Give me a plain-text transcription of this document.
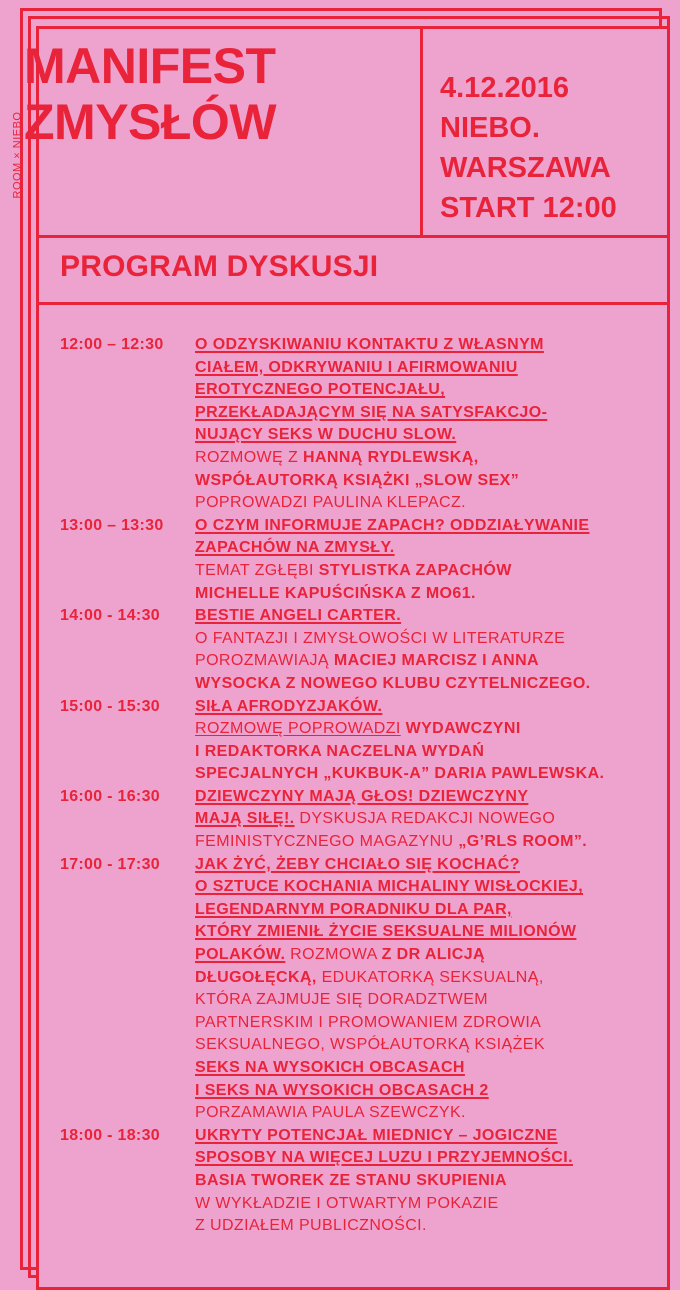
ROOM × NIEBO
MANIFEST
ZMYSŁÓW
4.12.2016
NIEBO.
WARSZAWA
START 12:00
PROGRAM DYSKUSJI
12:00 – 12:30	O ODZYSKIWANIU KONTAKTU Z WŁASNYM
CIAŁEM, ODKRYWANIU I AFIRMOWANIU
EROTYCZNEGO POTENCJAŁU,
PRZEKŁADAJĄCYM SIĘ NA SATYSFAKCJO-
NUJĄCY SEKS W DUCHU SLOW.
ROZMOWĘ Z HANNĄ RYDLEWSKĄ,
WSPÓŁAUTORKĄ KSIĄŻKI „SLOW SEX”
POPROWADZI PAULINA KLEPACZ.
13:00 – 13:30	O CZYM INFORMUJE ZAPACH? ODDZIAŁYWANIE
ZAPACHÓW NA ZMYSŁY.
TEMAT ZGŁĘBI STYLISTKA ZAPACHÓW
MICHELLE KAPUŚCIŃSKA Z MO61.
14:00 - 14:30	BESTIE ANGELI CARTER.
O FANTAZJI I ZMYSŁOWOŚCI W LITERATURZE
POROZMAWIAJĄ MACIEJ MARCISZ I ANNA
WYSOCKA Z NOWEGO KLUBU CZYTELNICZEGO.
15:00 - 15:30	SIŁA AFRODYZJAKÓW.
ROZMOWĘ POPROWADZI WYDAWCZYNI
I REDAKTORKA NACZELNA WYDAŃ
SPECJALNYCH „KUKBUK-A” DARIA PAWLEWSKA.
16:00 - 16:30	DZIEWCZYNY MAJĄ GŁOS! DZIEWCZYNY
MAJĄ SIŁĘ!. DYSKUSJA REDAKCJI NOWEGO
FEMINISTYCZNEGO MAGAZYNU „G’RLS ROOM”.
17:00 - 17:30	JAK ŻYĆ, ŻEBY CHCIAŁO SIĘ KOCHAĆ?
O SZTUCE KOCHANIA MICHALINY WISŁOCKIEJ,
LEGENDARNYM PORADNIKU DLA PAR,
KTÓRY ZMIENIŁ ŻYCIE SEKSUALNE MILIONÓW
POLAKÓW. ROZMOWA Z DR ALICJĄ
DŁUGOŁĘCKĄ, EDUKATORKĄ SEKSUALNĄ,
KTÓRA ZAJMUJE SIĘ DORADZTWEM
PARTNERSKIM I PROMOWANIEM ZDROWIA
SEKSUALNEGO, WSPÓŁAUTORKĄ KSIĄŻEK
SEKS NA WYSOKICH OBCASACH
I SEKS NA WYSOKICH OBCASACH 2
PORZAMAWIA PAULA SZEWCZYK.
18:00 - 18:30	UKRYTY POTENCJAŁ MIEDNICY – JOGICZNE
SPOSOBY NA WIĘCEJ LUZU I PRZYJEMNOŚCI.
BASIA TWOREK ZE STANU SKUPIENIA
W WYKŁADZIE I OTWARTYM POKAZIE
Z UDZIAŁEM PUBLICZNOŚCI.
